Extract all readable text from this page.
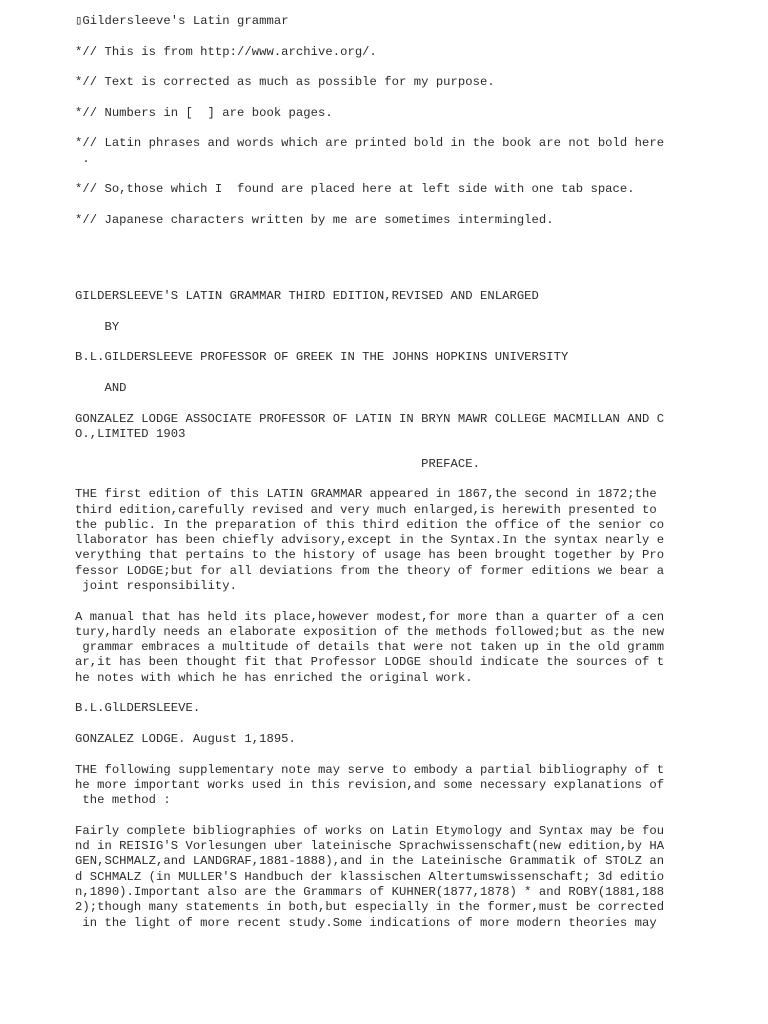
▯Gildersleeve's Latin grammar
*// This is from http://www.archive.org/.
*// Text is corrected as much as possible for my purpose.
*// Numbers in [  ] are book pages.
*// Latin phrases and words which are printed bold in the book are not bold here
.
*// So,those which I  found are placed here at left side with one tab space.
*// Japanese characters written by me are sometimes intermingled.
GILDERSLEEVE'S LATIN GRAMMAR THIRD EDITION,REVISED AND ENLARGED
BY
B.L.GILDERSLEEVE PROFESSOR OF GREEK IN THE JOHNS HOPKINS UNIVERSITY
AND
GONZALEZ LODGE ASSOCIATE PROFESSOR OF LATIN IN BRYN MAWR COLLEGE MACMILLAN AND C
O.,LIMITED 1903
PREFACE.
THE first edition of this LATIN GRAMMAR appeared in 1867,the second in 1872;the
third edition,carefully revised and very much enlarged,is herewith presented to
the public. In the preparation of this third edition the office of the senior co
llaborator has been chiefly advisory,except in the Syntax.In the syntax nearly e
verything that pertains to the history of usage has been brought together by Pro
fessor LODGE;but for all deviations from the theory of former editions we bear a
joint responsibility.
A manual that has held its place,however modest,for more than a quarter of a cen
tury,hardly needs an elaborate exposition of the methods followed;but as the new
grammar embraces a multitude of details that were not taken up in the old gramm
ar,it has been thought fit that Professor LODGE should indicate the sources of t
he notes with which he has enriched the original work.
B.L.GlLDERSLEEVE.
GONZALEZ LODGE. August 1,1895.
THE following supplementary note may serve to embody a partial bibliography of t
he more important works used in this revision,and some necessary explanations of
the method :
Fairly complete bibliographies of works on Latin Etymology and Syntax may be fou
nd in REISIG'S Vorlesungen uber lateinische Sprachwissenschaft(new edition,by HA
GEN,SCHMALZ,and LANDGRAF,1881-1888),and in the Lateinische Grammatik of STOLZ an
d SCHMALZ (in MULLER'S Handbuch der klassischen Altertumswissenschaft; 3d editio
n,1890).Important also are the Grammars of KUHNER(1877,1878) * and ROBY(1881,188
2);though many statements in both,but especially in the former,must be corrected
in the light of more recent study.Some indications of more modern theories may
